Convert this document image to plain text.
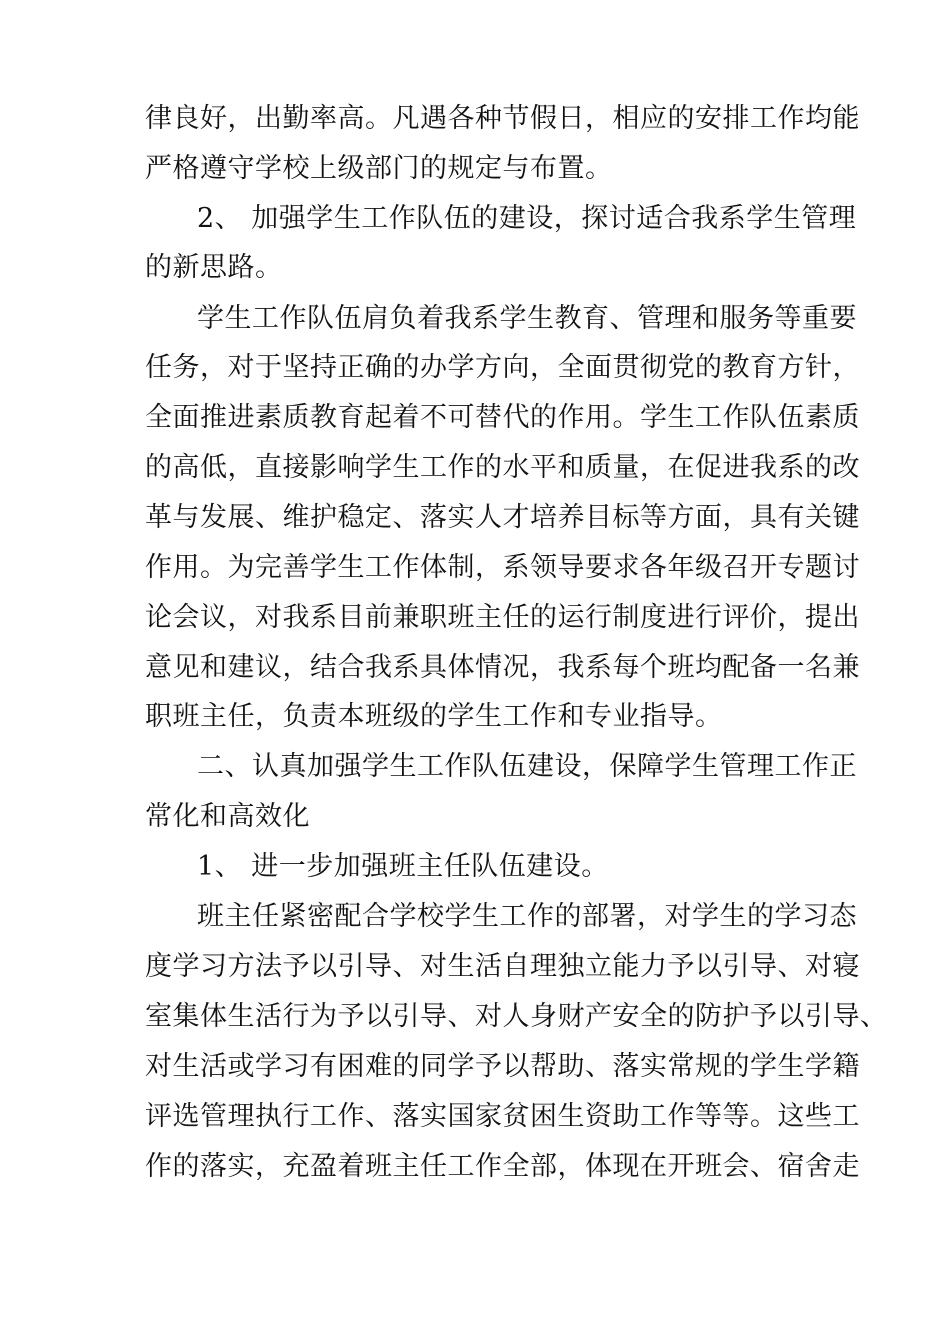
律良好，出勤率高。凡遇各种节假日，相应的安排工作均能
严格遵守学校上级部门的规定与布置。
2、 加强学生工作队伍的建设，探讨适合我系学生管理
的新思路。
学生工作队伍肩负着我系学生教育、管理和服务等重要
任务，对于坚持正确的办学方向，全面贯彻党的教育方针，
全面推进素质教育起着不可替代的作用。学生工作队伍素质
的高低，直接影响学生工作的水平和质量，在促进我系的改
革与发展、维护稳定、落实人才培养目标等方面，具有关键
作用。为完善学生工作体制，系领导要求各年级召开专题讨
论会议，对我系目前兼职班主任的运行制度进行评价，提出
意见和建议，结合我系具体情况，我系每个班均配备一名兼
职班主任，负责本班级的学生工作和专业指导。
二、认真加强学生工作队伍建设，保障学生管理工作正
常化和高效化
1、 进一步加强班主任队伍建设。
班主任紧密配合学校学生工作的部署，对学生的学习态
度学习方法予以引导、对生活自理独立能力予以引导、对寝
室集体生活行为予以引导、对人身财产安全的防护予以引导、
对生活或学习有困难的同学予以帮助、落实常规的学生学籍
评选管理执行工作、落实国家贫困生资助工作等等。这些工
作的落实，充盈着班主任工作全部，体现在开班会、宿舍走
